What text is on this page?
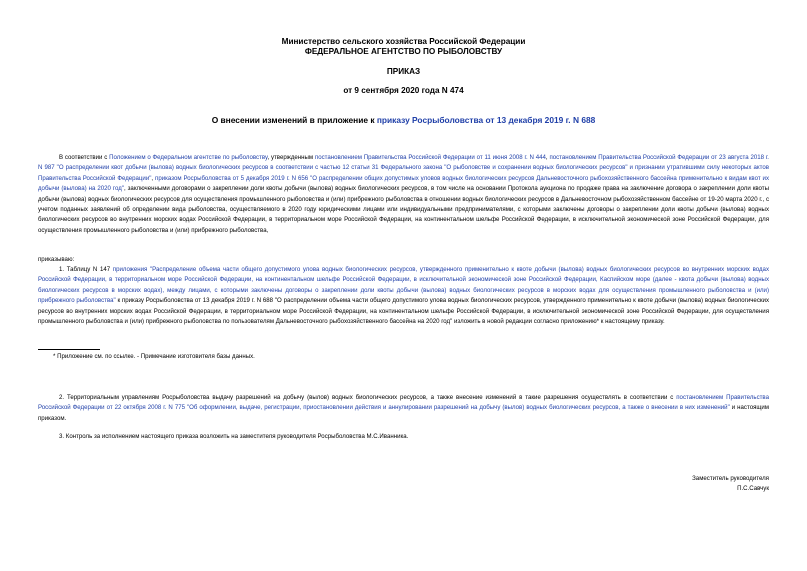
Министерство сельского хозяйства Российской Федерации
ФЕДЕРАЛЬНОЕ АГЕНТСТВО ПО РЫБОЛОВСТВУ
ПРИКАЗ
от 9 сентября 2020 года N 474
О внесении изменений в приложение к приказу Росрыболовства от 13 декабря 2019 г. N 688
В соответствии с Положением о Федеральном агентстве по рыболовству, утвержденным постановлением Правительства Российской Федерации от 11 июня 2008 г. N 444, постановлением Правительства Российской Федерации от 23 августа 2018 г. N 987 "О распределении квот добычи (вылова) водных биологических ресурсов в соответствии с частью 12 статьи 31 Федерального закона "О рыболовстве и сохранении водных биологических ресурсов" и признании утратившими силу некоторых актов Правительства Российской Федерации", приказом Росрыболовства от 5 декабря 2019 г. N 656 "О распределении общих допустимых уловов водных биологических ресурсов Дальневосточного рыбохозяйственного бассейна применительно к видам квот их добычи (вылова) на 2020 год", заключенными договорами о закреплении доли квоты добычи (вылова) водных биологических ресурсов, в том числе на основании Протокола аукциона по продаже права на заключение договора о закреплении доли квоты добычи (вылова) водных биологических ресурсов для осуществления промышленного рыболовства и (или) прибрежного рыболовства в отношении водных биологических ресурсов в Дальневосточном рыбохозяйственном бассейне от 19-20 марта 2020 г., с учетом поданных заявлений об определении вида рыболовства, осуществляемого в 2020 году юридическими лицами или индивидуальными предпринимателями, с которыми заключены договоры о закреплении доли квоты добычи (вылова) водных биологических ресурсов во внутренних морских водах Российской Федерации, в территориальном море Российской Федерации, на континентальном шельфе Российской Федерации, в исключительной экономической зоне Российской Федерации, для осуществления промышленного рыболовства и (или) прибрежного рыболовства,
приказываю:
1. Таблицу N 147 приложения "Распределение объема части общего допустимого улова водных биологических ресурсов, утвержденного применительно к квоте добычи (вылова) водных биологических ресурсов во внутренних морских водах Российской Федерации, в территориальном море Российской Федерации, на континентальном шельфе Российской Федерации, в исключительной экономической зоне Российской Федерации, Каспийском море (далее - квота добычи (вылова) водных биологических ресурсов в морских водах), между лицами, с которыми заключены договоры о закреплении доли квоты добычи (вылова) водных биологических ресурсов в морских водах для осуществления промышленного рыболовства и (или) прибрежного рыболовства" к приказу Росрыболовства от 13 декабря 2019 г. N 688 "О распределении объема части общего допустимого улова водных биологических ресурсов, утвержденного применительно к квоте добычи (вылова) водных биологических ресурсов во внутренних морских водах Российской Федерации, в территориальном море Российской Федерации, на континентальном шельфе Российской Федерации, в исключительной экономической зоне Российской Федерации, для осуществления промышленного рыболовства и (или) прибрежного рыболовства по пользователям Дальневосточного рыбохозяйственного бассейна на 2020 год" изложить в новой редакции согласно приложению* к настоящему приказу.
* Приложение см. по ссылке. - Примечание изготовителя базы данных.
2. Территориальным управлениям Росрыболовства выдачу разрешений на добычу (вылов) водных биологических ресурсов, а также внесение изменений в такие разрешения осуществлять в соответствии с постановлением Правительства Российской Федерации от 22 октября 2008 г. N 775 "Об оформлении, выдаче, регистрации, приостановлении действия и аннулировании разрешений на добычу (вылов) водных биологических ресурсов, а также о внесении в них изменений" и настоящим приказом.
3. Контроль за исполнением настоящего приказа возложить на заместителя руководителя Росрыболовства М.С.Иванника.
Заместитель руководителя
П.С.Савчук
